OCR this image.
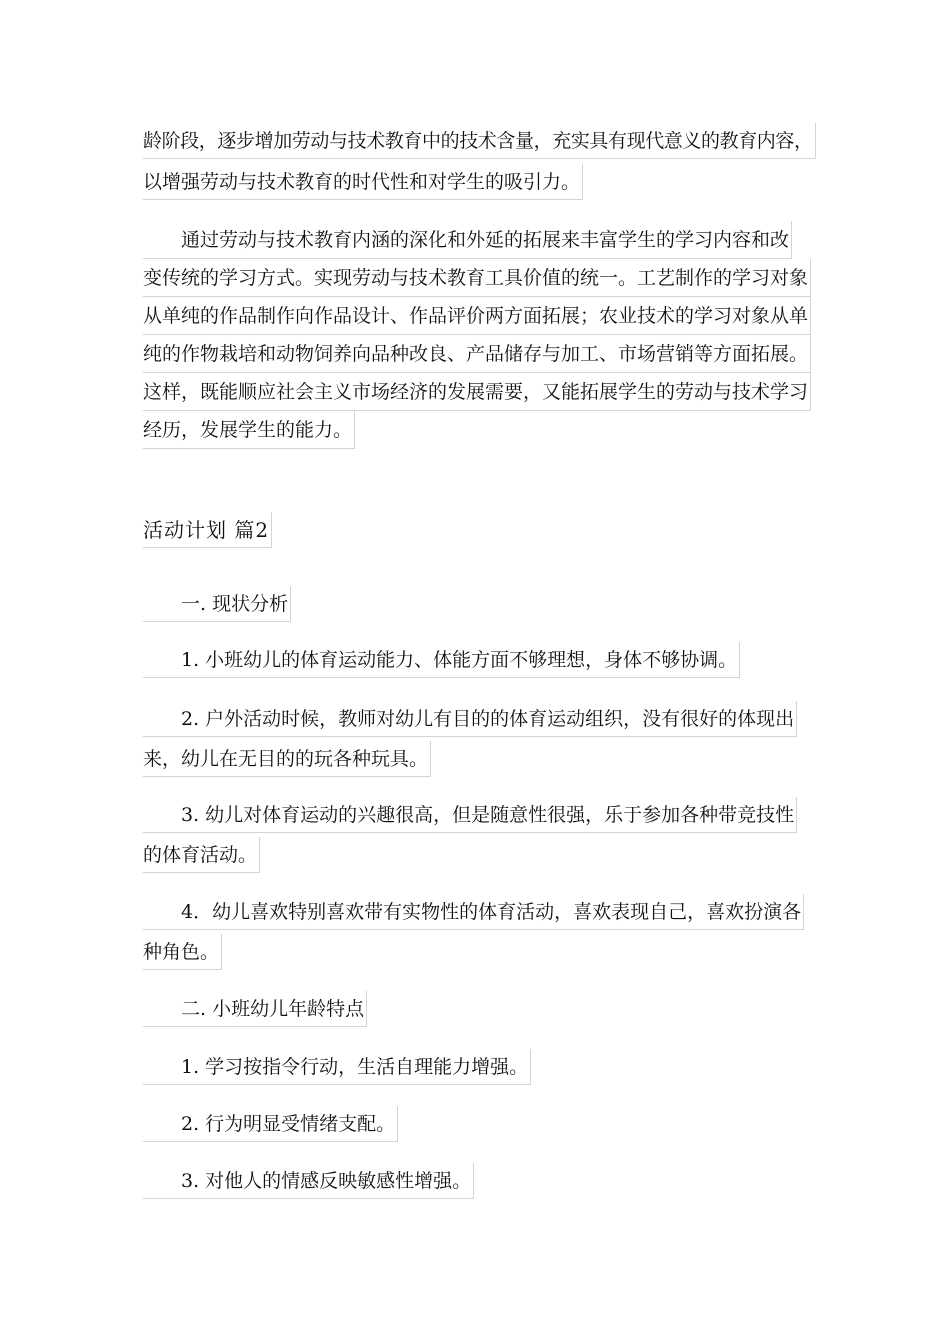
龄阶段，逐步增加劳动与技术教育中的技术含量，充实具有现代意义的教育内容，
以增强劳动与技术教育的时代性和对学生的吸引力。
通过劳动与技术教育内涵的深化和外延的拓展来丰富学生的学习内容和改
变传统的学习方式。实现劳动与技术教育工具价值的统一。工艺制作的学习对象
从单纯的作品制作向作品设计、作品评价两方面拓展；农业技术的学习对象从单
纯的作物栽培和动物饲养向品种改良、产品储存与加工、市场营销等方面拓展。
这样，既能顺应社会主义市场经济的发展需要，又能拓展学生的劳动与技术学习
经历，发展学生的能力。
活动计划 篇2
一. 现状分析
1. 小班幼儿的体育运动能力、体能方面不够理想，身体不够协调。
2. 户外活动时候，教师对幼儿有目的的体育运动组织，没有很好的体现出
来，幼儿在无目的的玩各种玩具。
3. 幼儿对体育运动的兴趣很高，但是随意性很强，乐于参加各种带竞技性
的体育活动。
4．幼儿喜欢特别喜欢带有实物性的体育活动，喜欢表现自己，喜欢扮演各
种角色。
二. 小班幼儿年龄特点
1. 学习按指令行动，生活自理能力增强。
2. 行为明显受情绪支配。
3. 对他人的情感反映敏感性增强。
